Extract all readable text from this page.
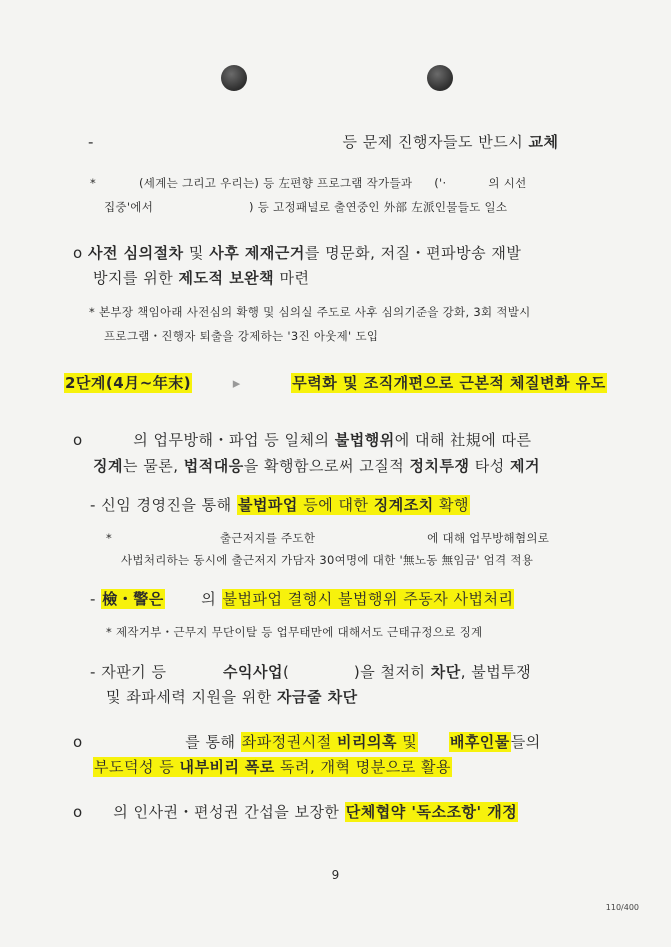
-	등 문제 진행자들도 반드시 교체
*	(세계는 그리고 우리는) 등 左편향 프로그램 작가들과 ('·	의 시선
집중'에서	) 등 고정패널로 출연중인 外部 左派인물들도 일소
o 사전 심의절차 및 사후 제재근거를 명문화, 저질・편파방송 재발
방지를 위한 제도적 보완책 마련
* 본부장 책임아래 사전심의 확행 및 심의실 주도로 사후 심의기준을 강화, 3회 적발시
프로그램・진행자 퇴출을 강제하는 '3진 아웃제' 도입
2단계(4月~年末)	▸	무력화 및 조직개편으로 근본적 체질변화 유도
o	의 업무방해・파업 등 일체의 불법행위에 대해 社規에 따른
징계는 물론, 법적대응을 확행함으로써 고질적 정치투쟁 타성 제거
- 신임 경영진을 통해 불법파업 등에 대한 징계조치 확행
*	출근저지를 주도한	에 대해 업무방해혐의로
사법처리하는 동시에 출근저지 가담자 30여명에 대한 '無노동 無임금' 엄격 적용
- 檢・警은	의 불법파업 결행시 불법행위 주동자 사법처리
* 제작거부・근무지 무단이탈 등 업무태만에 대해서도 근태규정으로 징계
- 자판기 등	수익사업(	)을 철저히 차단, 불법투쟁
및 좌파세력 지원을 위한 자금줄 차단
o	를 통해 좌파정권시절 비리의혹 및 배후인물들의
부도덕성 등 내부비리 폭로 독려, 개혁 명분으로 활용
o 의 인사권・편성권 간섭을 보장한 단체협약 '독소조항' 개정
9
110/400
